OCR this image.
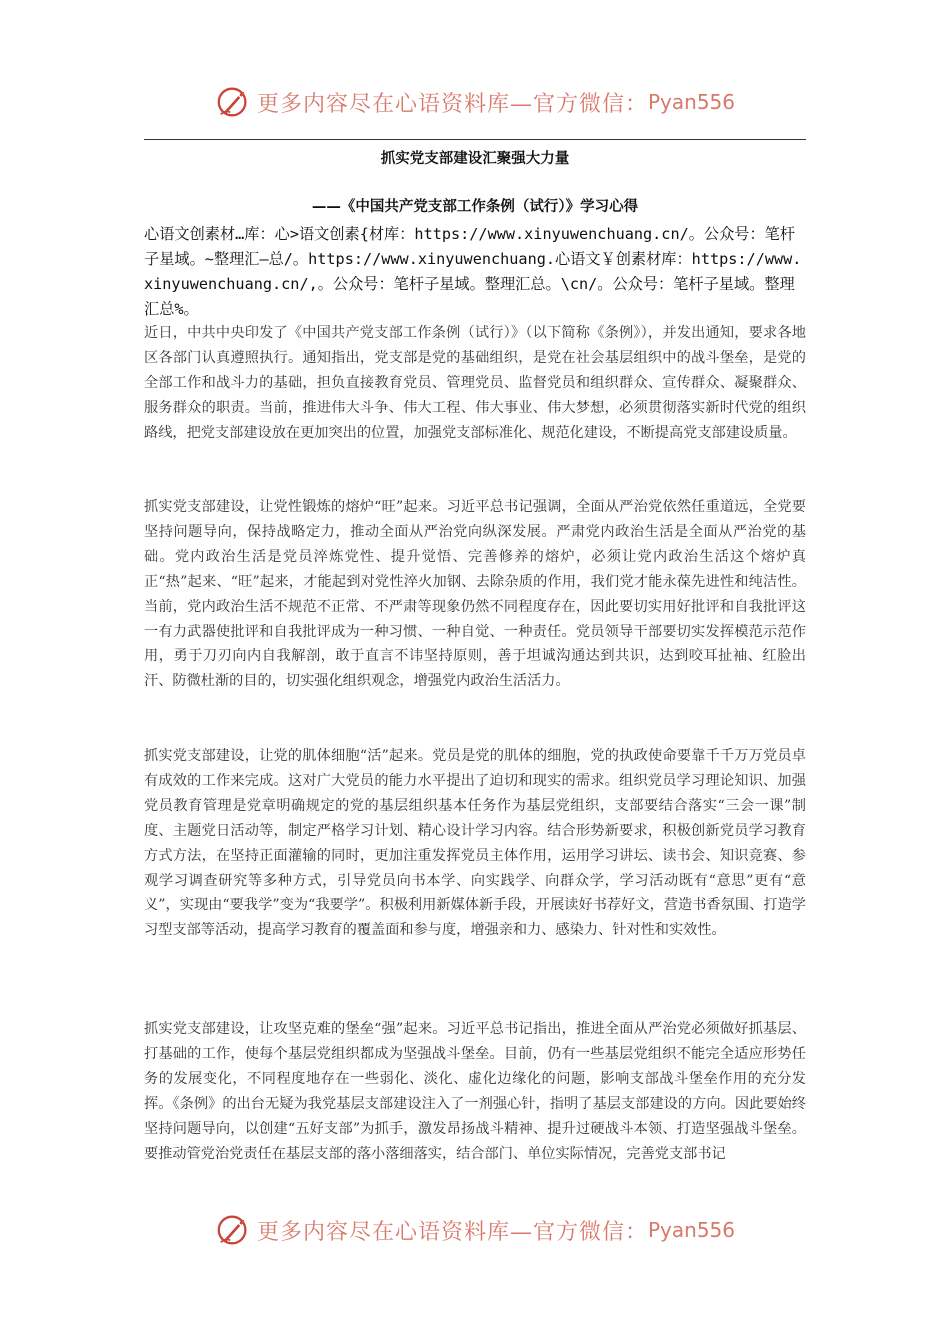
更多内容尽在心语资料库—官方微信： Pyan556
抓实党支部建设汇聚强大力量
——《中国共产党支部工作条例（试行）》学习心得
心语文创素材…库：心>语文创素{材库：https://www.xinyuwenchuang.cn/。公众号：笔杆子星域。~整理汇—总/。https://www.xinyuwenchuang.心语文￥创素材库：https://www.xinyuwenchuang.cn/,。公众号：笔杆子星域。整理汇总。\cn/。公众号：笔杆子星域。整理汇总%。
近日，中共中央印发了《中国共产党支部工作条例（试行）》（以下简称《条例》），并发出通知，要求各地区各部门认真遵照执行。通知指出，党支部是党的基础组织，是党在社会基层组织中的战斗堡垒，是党的全部工作和战斗力的基础，担负直接教育党员、管理党员、监督党员和组织群众、宣传群众、凝聚群众、服务群众的职责。当前，推进伟大斗争、伟大工程、伟大事业、伟大梦想，必须贯彻落实新时代党的组织路线，把党支部建设放在更加突出的位置，加强党支部标准化、规范化建设，不断提高党支部建设质量。
抓实党支部建设，让党性锻炼的熔炉“旺”起来。习近平总书记强调，全面从严治党依然任重道远，全党要坚持问题导向，保持战略定力，推动全面从严治党向纵深发展。严肃党内政治生活是全面从严治党的基础。党内政治生活是党员淬炼党性、提升觉悟、完善修养的熔炉，必须让党内政治生活这个熔炉真正“热”起来、“旺”起来，才能起到对党性淬火加钢、去除杂质的作用，我们党才能永葆先进性和纯洁性。当前，党内政治生活不规范不正常、不严肃等现象仍然不同程度存在，因此要切实用好批评和自我批评这一有力武器使批评和自我批评成为一种习惯、一种自觉、一种责任。党员领导干部要切实发挥模范示范作用，勇于刀刃向内自我解剖，敢于直言不讳坚持原则，善于坦诚沟通达到共识，达到咬耳扯袖、红脸出汗、防微杜渐的目的，切实强化组织观念，增强党内政治生活活力。
抓实党支部建设，让党的肌体细胞“活”起来。党员是党的肌体的细胞，党的执政使命要靠千千万万党员卓有成效的工作来完成。这对广大党员的能力水平提出了迫切和现实的需求。组织党员学习理论知识、加强党员教育管理是党章明确规定的党的基层组织基本任务作为基层党组织，支部要结合落实“三会一课”制度、主题党日活动等，制定严格学习计划、精心设计学习内容。结合形势新要求，积极创新党员学习教育方式方法，在坚持正面灌输的同时，更加注重发挥党员主体作用，运用学习讲坛、读书会、知识竞赛、参观学习调查研究等多种方式，引导党员向书本学、向实践学、向群众学，学习活动既有“意思”更有“意义”，实现由“要我学”变为“我要学”。积极利用新媒体新手段，开展读好书荐好文，营造书香氛围、打造学习型支部等活动，提高学习教育的覆盖面和参与度，增强亲和力、感染力、针对性和实效性。
抓实党支部建设，让攻坚克难的堡垒“强”起来。习近平总书记指出，推进全面从严治党必须做好抓基层、打基础的工作，使每个基层党组织都成为坚强战斗堡垒。目前，仍有一些基层党组织不能完全适应形势任务的发展变化，不同程度地存在一些弱化、淡化、虚化边缘化的问题，影响支部战斗堡垒作用的充分发挥。《条例》的出台无疑为我党基层支部建设注入了一剂强心针，指明了基层支部建设的方向。因此要始终坚持问题导向，以创建“五好支部”为抓手，激发昂扬战斗精神、提升过硬战斗本领、打造坚强战斗堡垒。要推动管党治党责任在基层支部的落小落细落实，结合部门、单位实际情况，完善党支部书记
更多内容尽在心语资料库—官方微信： Pyan556
